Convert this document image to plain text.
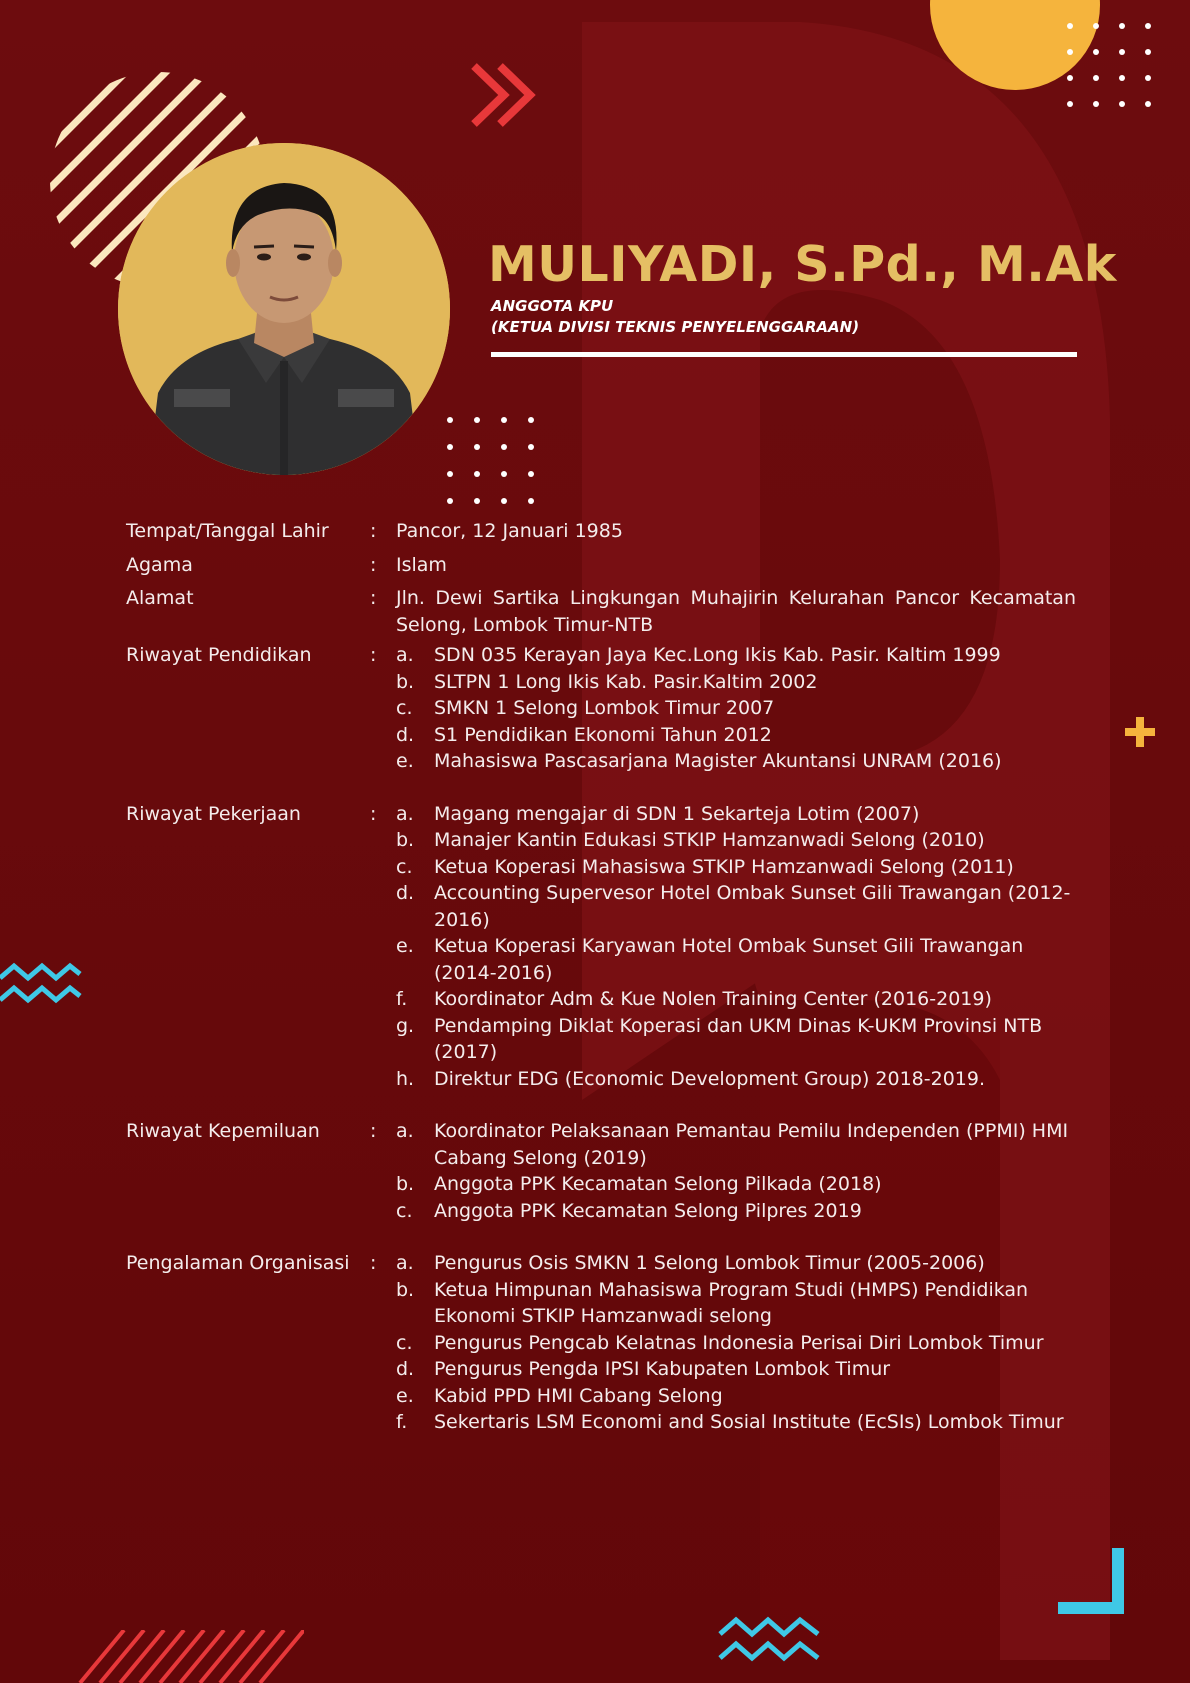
MULIYADI, S.Pd., M.Ak
ANGGOTA KPU
(KETUA DIVISI TEKNIS PENYELENGGARAAN)
Tempat/Tanggal Lahir	:	Pancor, 12 Januari 1985
Agama	:	Islam
Alamat	:	Jln. Dewi Sartika Lingkungan Muhajirin Kelurahan Pancor Kecamatan Selong, Lombok Timur-NTB
Riwayat Pendidikan	:	a.	SDN 035 Kerayan Jaya Kec.Long Ikis Kab. Pasir. Kaltim 1999
b.	SLTPN 1 Long Ikis Kab. Pasir.Kaltim 2002
c.	SMKN 1 Selong Lombok Timur 2007
d.	S1 Pendidikan Ekonomi Tahun 2012
e.	Mahasiswa Pascasarjana Magister Akuntansi UNRAM (2016)
Riwayat Pekerjaan	:	a.	Magang mengajar di SDN 1 Sekarteja Lotim (2007)
b.	Manajer Kantin Edukasi STKIP Hamzanwadi Selong (2010)
c.	Ketua Koperasi Mahasiswa STKIP Hamzanwadi Selong (2011)
d.	Accounting Supervesor Hotel Ombak Sunset Gili Trawangan (2012-2016)
e.	Ketua Koperasi Karyawan Hotel Ombak Sunset Gili Trawangan (2014-2016)
f.	Koordinator Adm & Kue Nolen Training Center (2016-2019)
g.	Pendamping Diklat Koperasi dan UKM Dinas K-UKM Provinsi NTB (2017)
h.	Direktur EDG (Economic Development Group) 2018-2019.
Riwayat Kepemiluan	:	a.	Koordinator Pelaksanaan Pemantau Pemilu Independen (PPMI) HMI Cabang Selong (2019)
b.	Anggota PPK Kecamatan Selong Pilkada (2018)
c.	Anggota PPK Kecamatan Selong Pilpres 2019
Pengalaman Organisasi	:	a.	Pengurus Osis SMKN 1 Selong Lombok Timur (2005-2006)
b.	Ketua Himpunan Mahasiswa Program Studi (HMPS) Pendidikan Ekonomi STKIP Hamzanwadi selong
c.	Pengurus Pengcab Kelatnas Indonesia Perisai Diri Lombok Timur
d.	Pengurus Pengda IPSI Kabupaten Lombok Timur
e.	Kabid PPD HMI Cabang Selong
f.	Sekertaris LSM Economi and Sosial Institute (EcSIs) Lombok Timur
